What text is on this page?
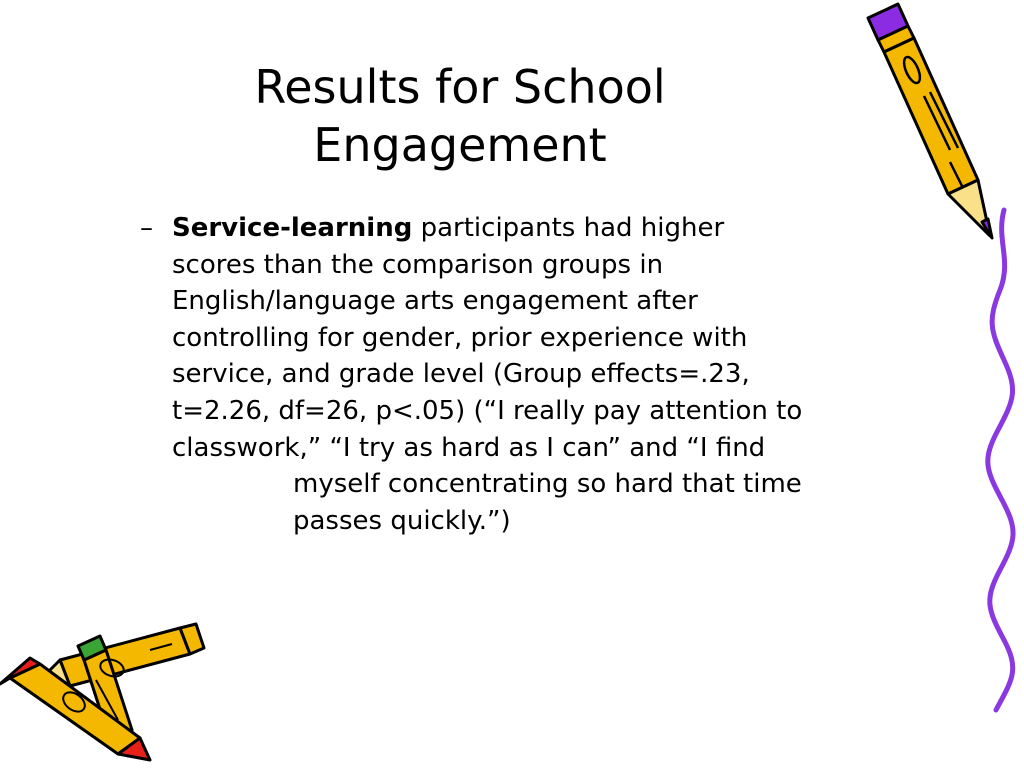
Results for School
Engagement
– Service-learning participants had higher
scores than the comparison groups in
English/language arts engagement after
controlling for gender, prior experience with
service, and grade level (Group effects=.23,
t=2.26, df=26, p<.05) (“I really pay attention to
classwork,” “I try as hard as I can” and “I find
myself concentrating so hard that time
passes quickly.”)
